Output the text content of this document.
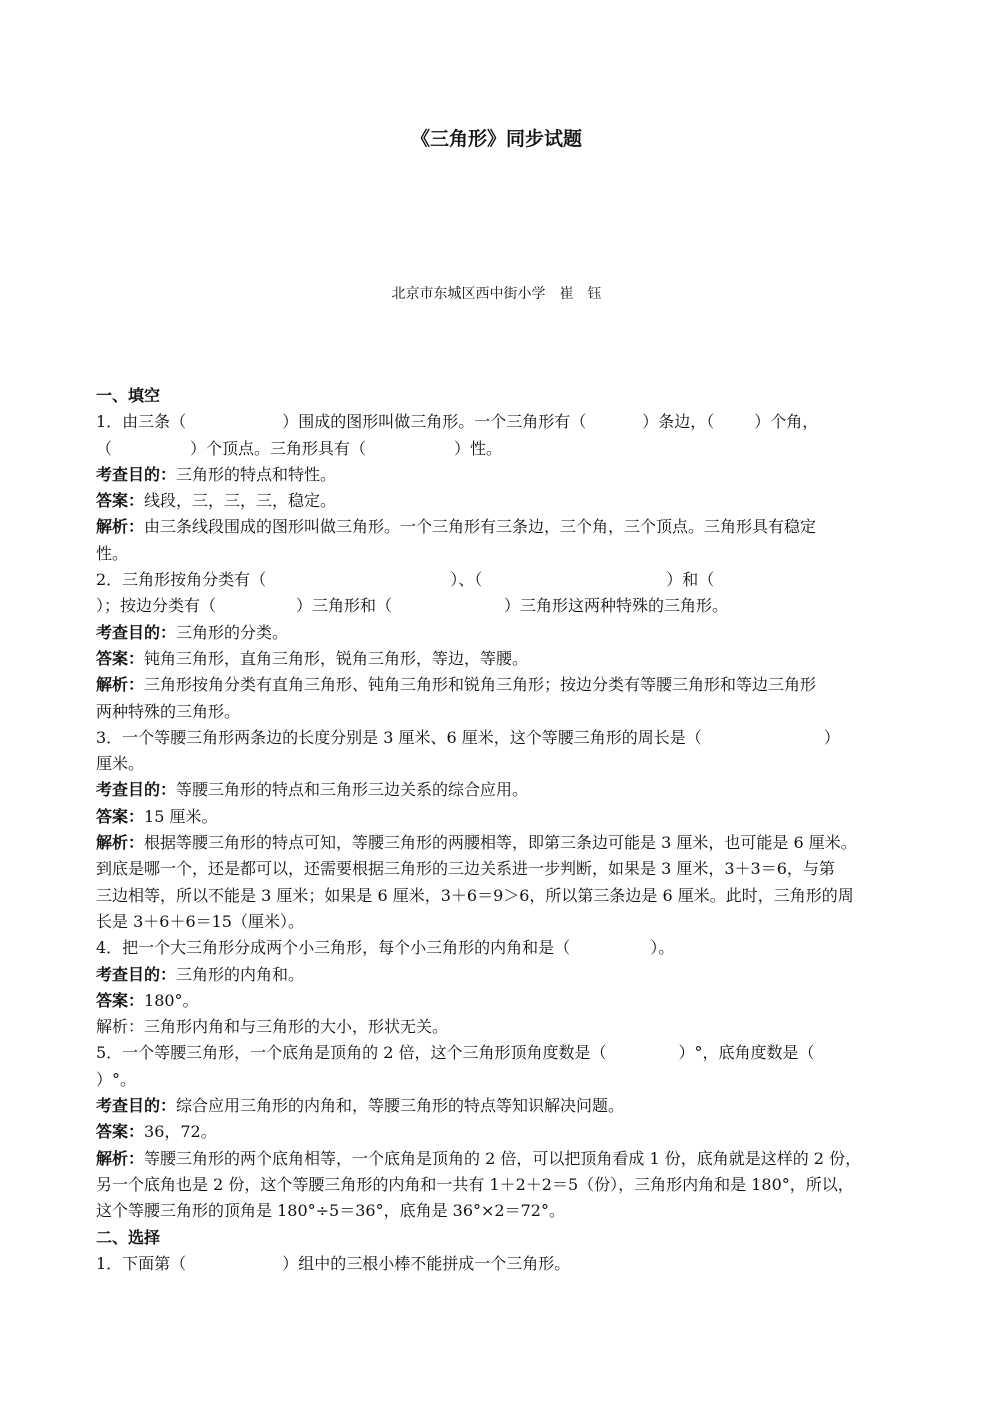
《三角形》同步试题
北京市东城区西中街小学　崔　钰
一、填空
1．由三条（	）围成的图形叫做三角形。一个三角形有（	）条边，（	）个角，
（	）个顶点。三角形具有（	）性。
考查目的：三角形的特点和特性。
答案：线段，三，三，三，稳定。
解析：由三条线段围成的图形叫做三角形。一个三角形有三条边，三个角，三个顶点。三角形具有稳定
性。
2．三角形按角分类有（	）、（	）和（
）；按边分类有（	）三角形和（	）三角形这两种特殊的三角形。
考查目的：三角形的分类。
答案：钝角三角形，直角三角形，锐角三角形，等边，等腰。
解析：三角形按角分类有直角三角形、钝角三角形和锐角三角形；按边分类有等腰三角形和等边三角形
两种特殊的三角形。
3．一个等腰三角形两条边的长度分别是 3 厘米、6 厘米，这个等腰三角形的周长是（	）
厘米。
考查目的：等腰三角形的特点和三角形三边关系的综合应用。
答案：15 厘米。
解析：根据等腰三角形的特点可知，等腰三角形的两腰相等，即第三条边可能是 3 厘米，也可能是 6 厘米。
到底是哪一个，还是都可以，还需要根据三角形的三边关系进一步判断，如果是 3 厘米，3＋3＝6，与第
三边相等，所以不能是 3 厘米；如果是 6 厘米，3＋6＝9＞6，所以第三条边是 6 厘米。此时，三角形的周
长是 3＋6＋6＝15（厘米）。
4．把一个大三角形分成两个小三角形，每个小三角形的内角和是（	）。
考查目的：三角形的内角和。
答案：180°。
解析：三角形内角和与三角形的大小，形状无关。
5．一个等腰三角形，一个底角是顶角的 2 倍，这个三角形顶角度数是（	）°，底角度数是（
）°。
考查目的：综合应用三角形的内角和，等腰三角形的特点等知识解决问题。
答案：36，72。
解析：等腰三角形的两个底角相等，一个底角是顶角的 2 倍，可以把顶角看成 1 份，底角就是这样的 2 份，
另一个底角也是 2 份，这个等腰三角形的内角和一共有 1＋2＋2＝5（份），三角形内角和是 180°，所以，
这个等腰三角形的顶角是 180°÷5＝36°，底角是 36°×2＝72°。
二、选择
1．下面第（	）组中的三根小棒不能拼成一个三角形。
